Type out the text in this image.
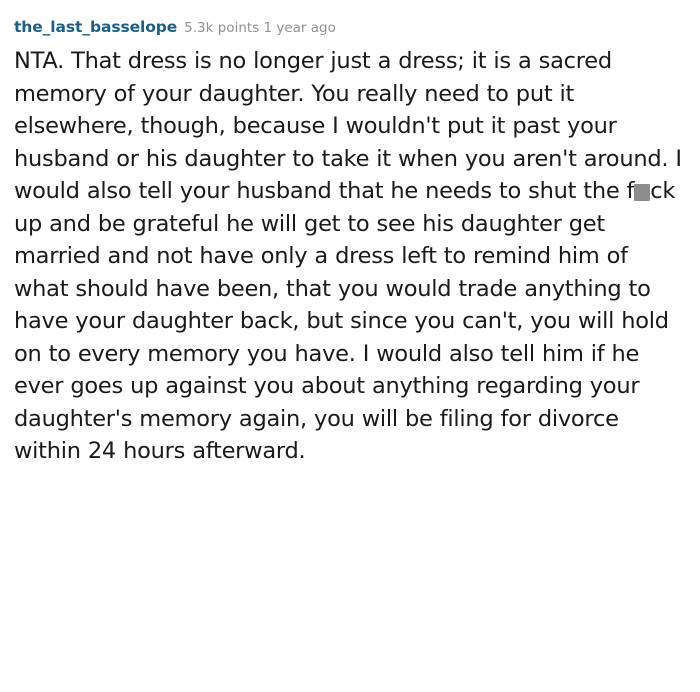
the_last_basselope 5.3k points 1 year ago
NTA. That dress is no longer just a dress; it is a sacred memory of your daughter. You really need to put it elsewhere, though, because I wouldn't put it past your husband or his daughter to take it when you aren't around. I would also tell your husband that he needs to shut the f ck up and be grateful he will get to see his daughter get married and not have only a dress left to remind him of what should have been, that you would trade anything to have your daughter back, but since you can't, you will hold on to every memory you have. I would also tell him if he ever goes up against you about anything regarding your daughter's memory again, you will be filing for divorce within 24 hours afterward.
